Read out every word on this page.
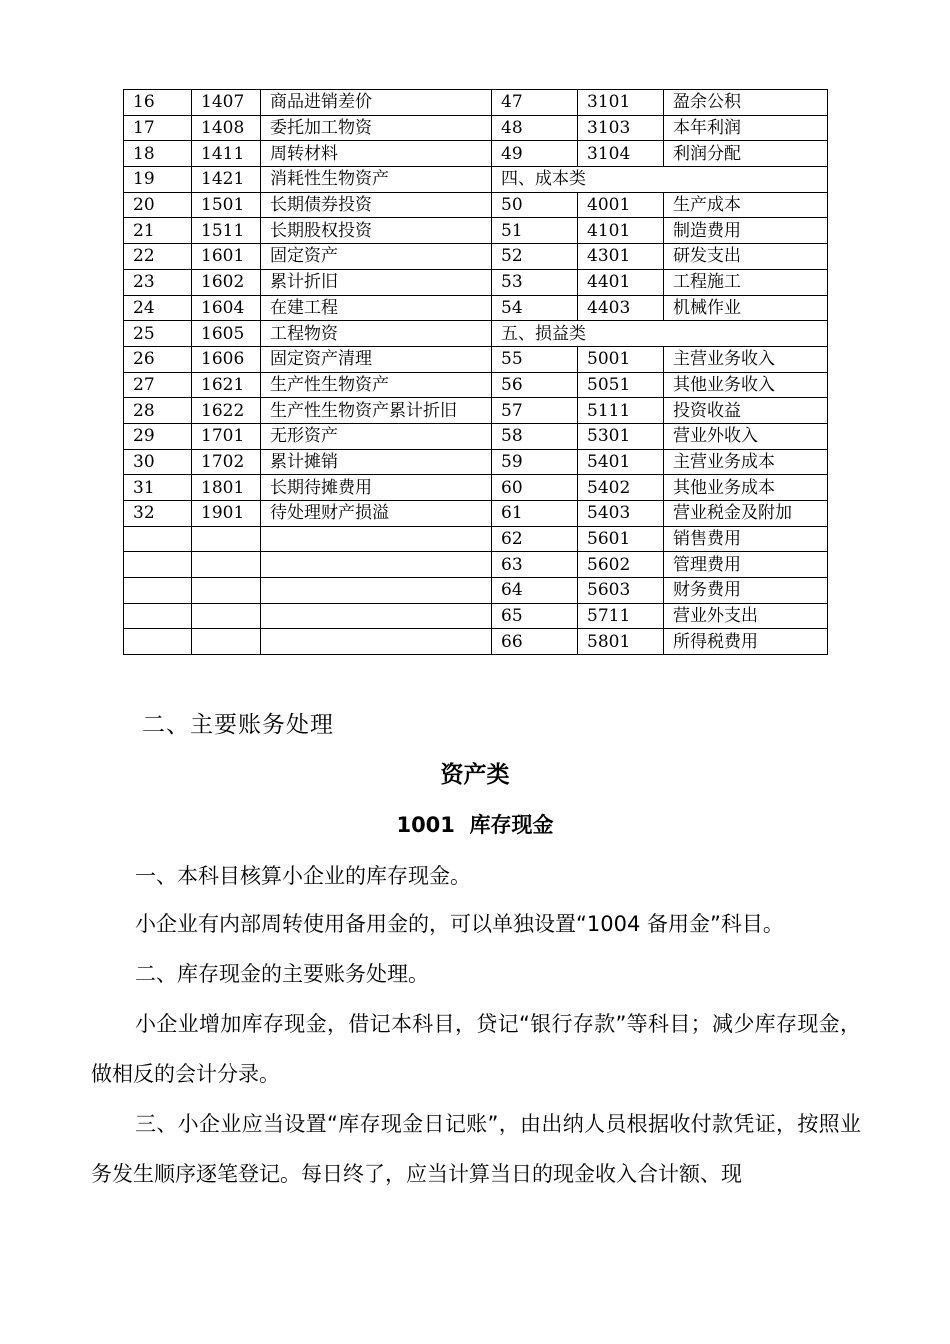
16	1407	商品进销差价	47	3101	盈余公积
17	1408	委托加工物资	48	3103	本年利润
18	1411	周转材料	49	3104	利润分配
19	1421	消耗性生物资产	四、成本类		
20	1501	长期债券投资	50	4001	生产成本
21	1511	长期股权投资	51	4101	制造费用
22	1601	固定资产	52	4301	研发支出
23	1602	累计折旧	53	4401	工程施工
24	1604	在建工程	54	4403	机械作业
25	1605	工程物资	五、损益类		
26	1606	固定资产清理	55	5001	主营业务收入
27	1621	生产性生物资产	56	5051	其他业务收入
28	1622	生产性生物资产累计折旧	57	5111	投资收益
29	1701	无形资产	58	5301	营业外收入
30	1702	累计摊销	59	5401	主营业务成本
31	1801	长期待摊费用	60	5402	其他业务成本
32	1901	待处理财产损溢	61	5403	营业税金及附加
			62	5601	销售费用
			63	5602	管理费用
			64	5603	财务费用
			65	5711	营业外支出
			66	5801	所得税费用
二、主要账务处理
资产类
1001  库存现金
一、本科目核算小企业的库存现金。
小企业有内部周转使用备用金的，可以单独设置“1004 备用金”科目。
二、库存现金的主要账务处理。
小企业增加库存现金，借记本科目，贷记“银行存款”等科目；减少库存现金，做相反的会计分录。
三、小企业应当设置“库存现金日记账”，由出纳人员根据收付款凭证，按照业务发生顺序逐笔登记。每日终了，应当计算当日的现金收入合计额、现
